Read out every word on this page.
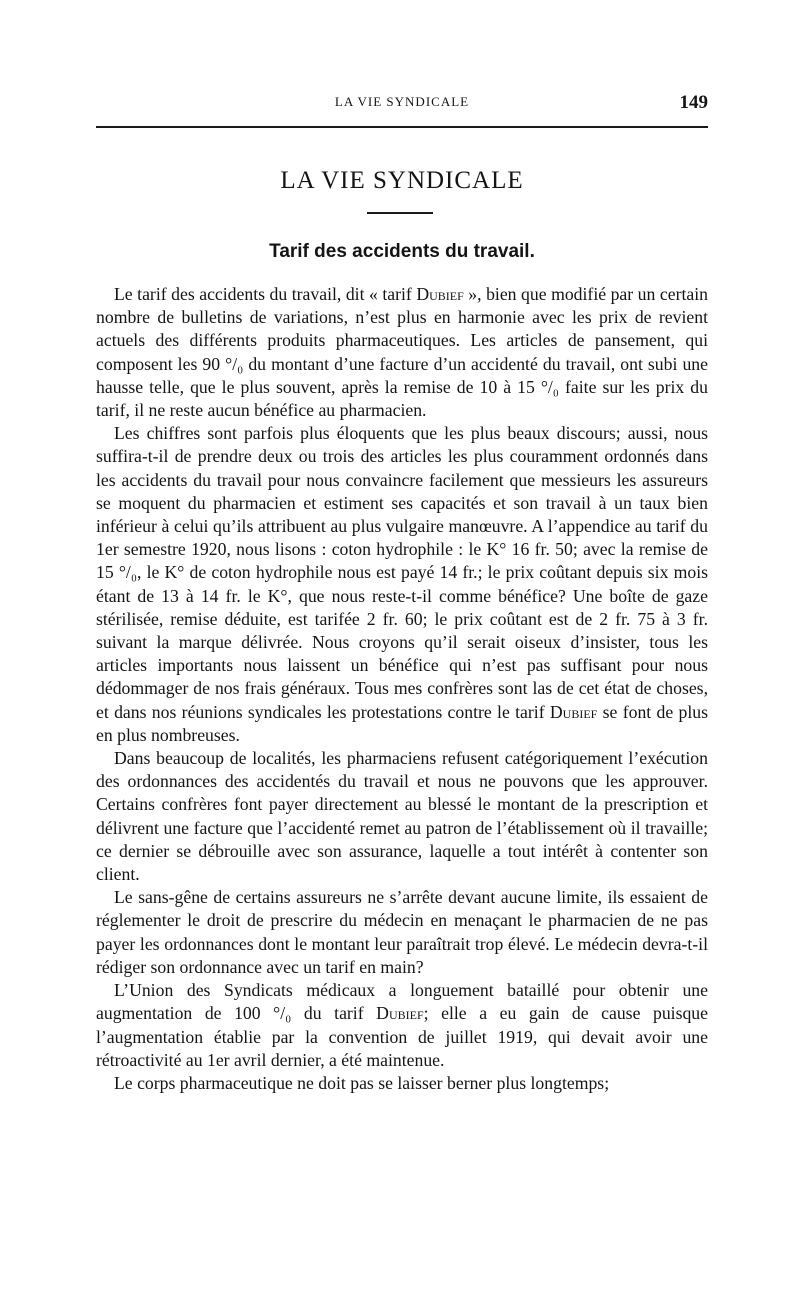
LA VIE SYNDICALE	149
LA VIE SYNDICALE
Tarif des accidents du travail.

Le tarif des accidents du travail, dit « tarif Dubief », bien que modifié par un certain nombre de bulletins de variations, n’est plus en harmonie avec les prix de revient actuels des différents produits pharmaceutiques. Les articles de pansement, qui composent les 90 °/₀ du montant d’une facture d’un accidenté du travail, ont subi une hausse telle, que le plus souvent, après la remise de 10 à 15 °/₀ faite sur les prix du tarif, il ne reste aucun bénéfice au pharmacien.

Les chiffres sont parfois plus éloquents que les plus beaux discours; aussi, nous suffira-t-il de prendre deux ou trois des articles les plus couramment ordonnés dans les accidents du travail pour nous convaincre facilement que messieurs les assureurs se moquent du pharmacien et estiment ses capacités et son travail à un taux bien inférieur à celui qu’ils attribuent au plus vulgaire manœuvre. A l’appendice au tarif du 1er semestre 1920, nous lisons : coton hydrophile : le K° 16 fr. 50; avec la remise de 15 °/₀, le K° de coton hydrophile nous est payé 14 fr.; le prix coûtant depuis six mois étant de 13 à 14 fr. le K°, que nous reste-t-il comme bénéfice? Une boîte de gaze stérilisée, remise déduite, est tarifée 2 fr. 60; le prix coûtant est de 2 fr. 75 à 3 fr. suivant la marque délivrée. Nous croyons qu’il serait oiseux d’insister, tous les articles importants nous laissent un bénéfice qui n’est pas suffisant pour nous dédommager de nos frais généraux. Tous mes confrères sont las de cet état de choses, et dans nos réunions syndicales les protestations contre le tarif Dubief se font de plus en plus nombreuses.

Dans beaucoup de localités, les pharmaciens refusent catégoriquement l’exécution des ordonnances des accidentés du travail et nous ne pouvons que les approuver. Certains confrères font payer directement au blessé le montant de la prescription et délivrent une facture que l’accidenté remet au patron de l’établissement où il travaille; ce dernier se débrouille avec son assurance, laquelle a tout intérêt à contenter son client.

Le sans-gêne de certains assureurs ne s’arrête devant aucune limite, ils essaient de réglementer le droit de prescrire du médecin en menaçant le pharmacien de ne pas payer les ordonnances dont le montant leur paraîtrait trop élevé. Le médecin devra-t-il rédiger son ordonnance avec un tarif en main?

L’Union des Syndicats médicaux a longuement bataillé pour obtenir une augmentation de 100 °/₀ du tarif Dubief; elle a eu gain de cause puisque l’augmentation établie par la convention de juillet 1919, qui devait avoir une rétroactivité au 1er avril dernier, a été maintenue.

Le corps pharmaceutique ne doit pas se laisser berner plus longtemps;
